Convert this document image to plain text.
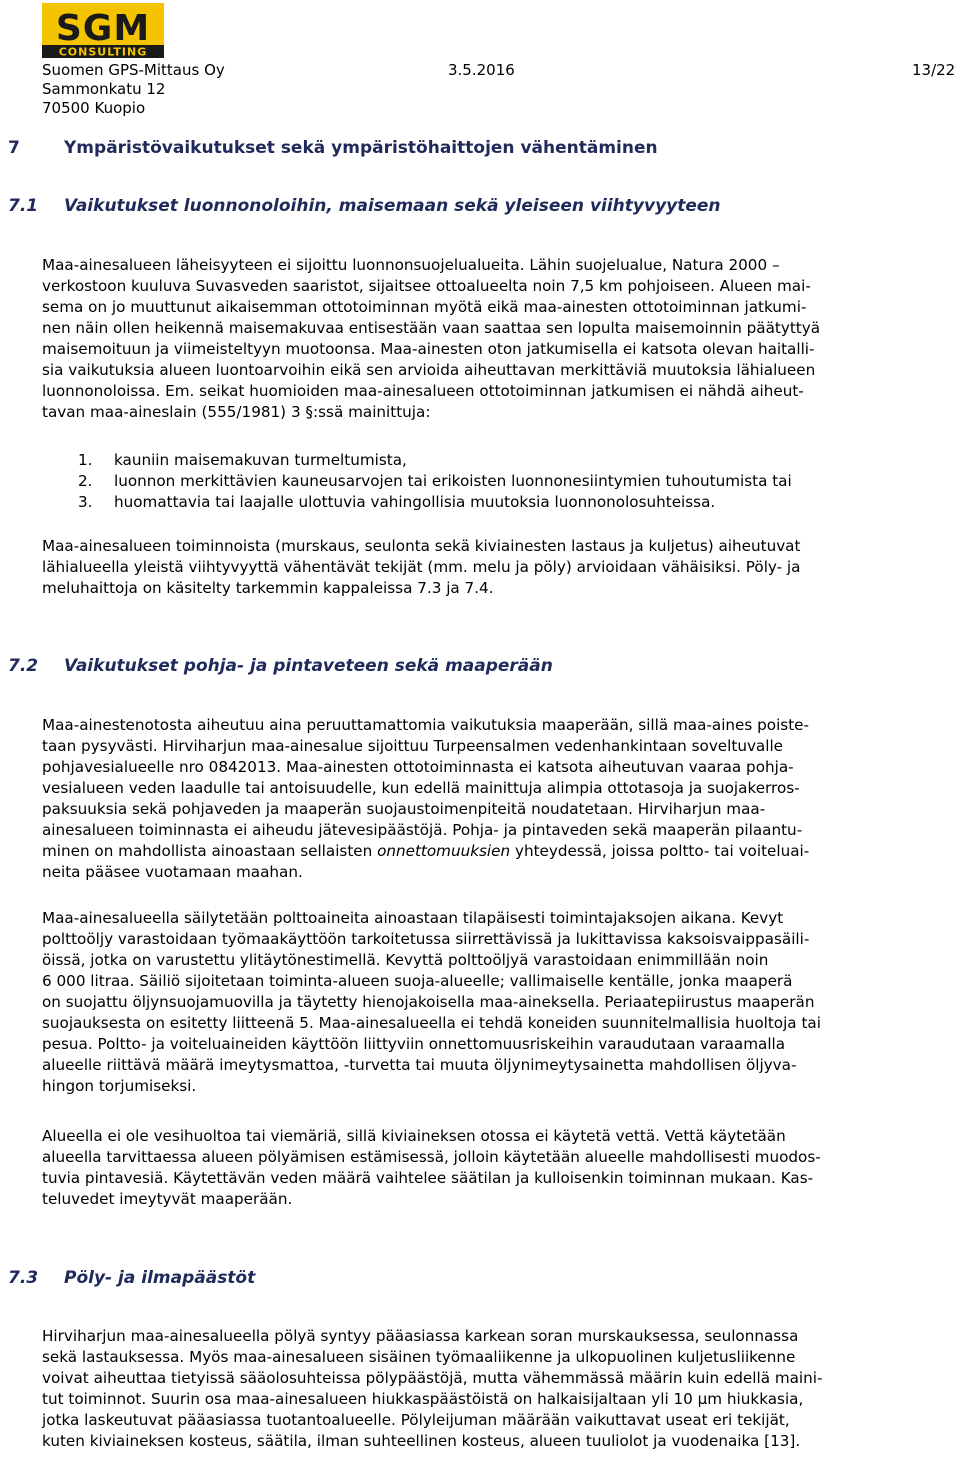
SGM
CONSULTING
Suomen GPS-Mittaus Oy	3.5.2016	13/22
Sammonkatu 12
70500 Kuopio
7	Ympäristövaikutukset sekä ympäristöhaittojen vähentäminen
7.1 Vaikutukset luonnonoloihin, maisemaan sekä yleiseen viihtyvyyteen

Maa-ainesalueen läheisyyteen ei sijoittu luonnonsuojelualueita. Lähin suojelualue, Natura 2000 –

verkostoon kuuluva Suvasveden saaristot, sijaitsee ottoalueelta noin 7,5 km pohjoiseen. Alueen mai-

sema on jo muuttunut aikaisemman ottotoiminnan myötä eikä maa-ainesten ottotoiminnan jatkumi-

nen näin ollen heikennä maisemakuvaa entisestään vaan saattaa sen lopulta maisemoinnin päätyttyä

maisemoituun ja viimeisteltyyn muotoonsa. Maa-ainesten oton jatkumisella ei katsota olevan haitalli-

sia vaikutuksia alueen luontoarvoihin eikä sen arvioida aiheuttavan merkittäviä muutoksia lähialueen

luonnonoloissa. Em. seikat huomioiden maa-ainesalueen ottotoiminnan jatkumisen ei nähdä aiheut-

tavan maa-aineslain (555/1981) 3 §:ssä mainittuja:

1. kauniin maisemakuvan turmeltumista,
2. luonnon merkittävien kauneusarvojen tai erikoisten luonnonesiintymien tuhoutumista tai
3. huomattavia tai laajalle ulottuvia vahingollisia muutoksia luonnonolosuhteissa.

Maa-ainesalueen toiminnoista (murskaus, seulonta sekä kiviainesten lastaus ja kuljetus) aiheutuvat

lähialueella yleistä viihtyvyyttä vähentävät tekijät (mm. melu ja pöly) arvioidaan vähäisiksi. Pöly- ja

meluhaittoja on käsitelty tarkemmin kappaleissa 7.3 ja 7.4.

7.2 Vaikutukset pohja- ja pintaveteen sekä maaperään

Maa-ainestenotosta aiheutuu aina peruuttamattomia vaikutuksia maaperään, sillä maa-aines poiste-

taan pysyvästi. Hirviharjun maa-ainesalue sijoittuu Turpeensalmen vedenhankintaan soveltuvalle

pohjavesialueelle nro 0842013. Maa-ainesten ottotoiminnasta ei katsota aiheutuvan vaaraa pohja-

vesialueen veden laadulle tai antoisuudelle, kun edellä mainittuja alimpia ottotasoja ja suojakerros-

paksuuksia sekä pohjaveden ja maaperän suojaustoimenpiteitä noudatetaan. Hirviharjun maa-

ainesalueen toiminnasta ei aiheudu jätevesipäästöjä. Pohja- ja pintaveden sekä maaperän pilaantu-

minen on mahdollista ainoastaan sellaisten onnettomuuksien yhteydessä, joissa poltto- tai voiteluai-

neita pääsee vuotamaan maahan.

Maa-ainesalueella säilytetään polttoaineita ainoastaan tilapäisesti toimintajaksojen aikana. Kevyt

polttoöljy varastoidaan työmaakäyttöön tarkoitetussa siirrettävissä ja lukittavissa kaksoisvaippasäili-

öissä, jotka on varustettu ylitäytönestimellä. Kevyttä polttoöljyä varastoidaan enimmillään noin

6 000 litraa. Säiliö sijoitetaan toiminta-alueen suoja-alueelle; vallimaiselle kentälle, jonka maaperä

on suojattu öljynsuojamuovilla ja täytetty hienojakoisella maa-aineksella. Periaatepiirustus maaperän

suojauksesta on esitetty liitteenä 5. Maa-ainesalueella ei tehdä koneiden suunnitelmallisia huoltoja tai

pesua. Poltto- ja voiteluaineiden käyttöön liittyviin onnettomuusriskeihin varaudutaan varaamalla

alueelle riittävä määrä imeytysmattoa, -turvetta tai muuta öljynimeytysainetta mahdollisen öljyva-

hingon torjumiseksi.

Alueella ei ole vesihuoltoa tai viemäriä, sillä kiviaineksen otossa ei käytetä vettä. Vettä käytetään

alueella tarvittaessa alueen pölyämisen estämisessä, jolloin käytetään alueelle mahdollisesti muodos-

tuvia pintavesiä. Käytettävän veden määrä vaihtelee säätilan ja kulloisenkin toiminnan mukaan. Kas-

teluvedet imeytyvät maaperään.

7.3 Pöly- ja ilmapäästöt

Hirviharjun maa-ainesalueella pölyä syntyy pääasiassa karkean soran murskauksessa, seulonnassa

sekä lastauksessa. Myös maa-ainesalueen sisäinen työmaaliikenne ja ulkopuolinen kuljetusliikenne

voivat aiheuttaa tietyissä sääolosuhteissa pölypäästöjä, mutta vähemmässä määrin kuin edellä maini-

tut toiminnot. Suurin osa maa-ainesalueen hiukkaspäästöistä on halkaisijaltaan yli 10 µm hiukkasia,

jotka laskeutuvat pääasiassa tuotantoalueelle. Pölyleijuman määrään vaikuttavat useat eri tekijät,

kuten kiviaineksen kosteus, säätila, ilman suhteellinen kosteus, alueen tuuliolot ja vuodenaika [13].
